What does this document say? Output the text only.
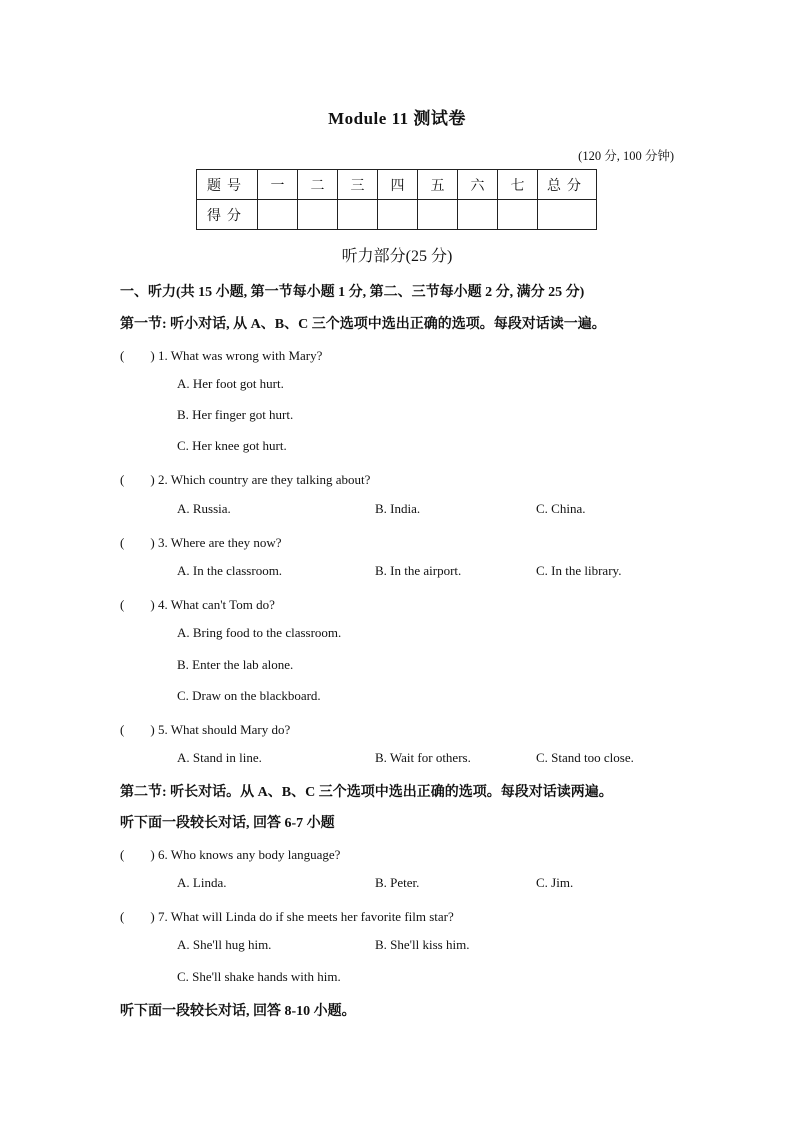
Module 11 测试卷
(120 分, 100 分钟)
题号	一	二	三	四	五	六	七	总分
得分								
听力部分(25 分)
一、听力(共 15 小题, 第一节每小题 1 分, 第二、三节每小题 2 分, 满分 25 分)
第一节: 听小对话, 从 A、B、C 三个选项中选出正确的选项。每段对话读一遍。
(　　) 1. What was wrong with Mary?
A. Her foot got hurt.
B. Her finger got hurt.
C. Her knee got hurt.
(　　) 2. Which country are they talking about?
A. Russia.	B. India.	C. China.
(　　) 3. Where are they now?
A. In the classroom.	B. In the airport.	C. In the library.
(　　) 4. What can't Tom do?
A. Bring food to the classroom.
B. Enter the lab alone.
C. Draw on the blackboard.
(　　) 5. What should Mary do?
A. Stand in line.	B. Wait for others.	C. Stand too close.
第二节: 听长对话。从 A、B、C 三个选项中选出正确的选项。每段对话读两遍。
听下面一段较长对话, 回答 6-7 小题
(　　) 6. Who knows any body language?
A. Linda.	B. Peter.	C. Jim.
(　　) 7. What will Linda do if she meets her favorite film star?
A. She'll hug him.	B. She'll kiss him.
C. She'll shake hands with him.
听下面一段较长对话, 回答 8-10 小题。
